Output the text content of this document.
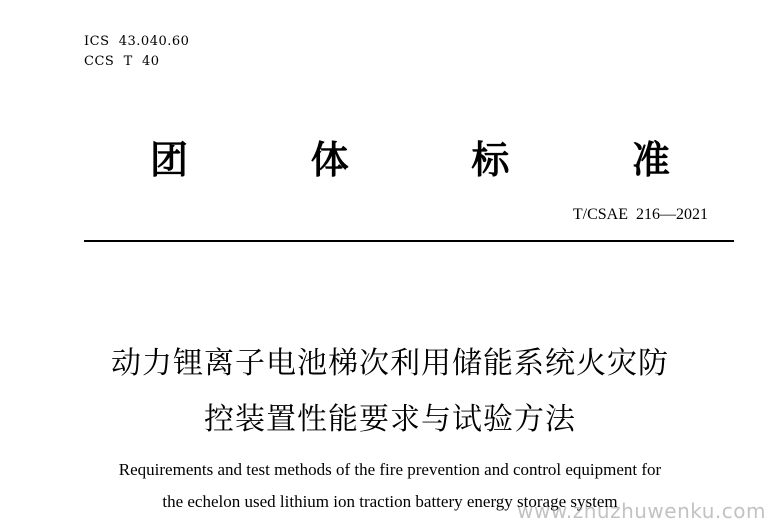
ICS  43.040.60
CCS  T  40
团	体	标	准
T/CSAE  216—2021
动力锂离子电池梯次利用储能系统火灾防
控装置性能要求与试验方法
Requirements and test methods of the fire prevention and control equipment for
the echelon used lithium ion traction battery energy storage system
www.zhuzhuwenku.com
